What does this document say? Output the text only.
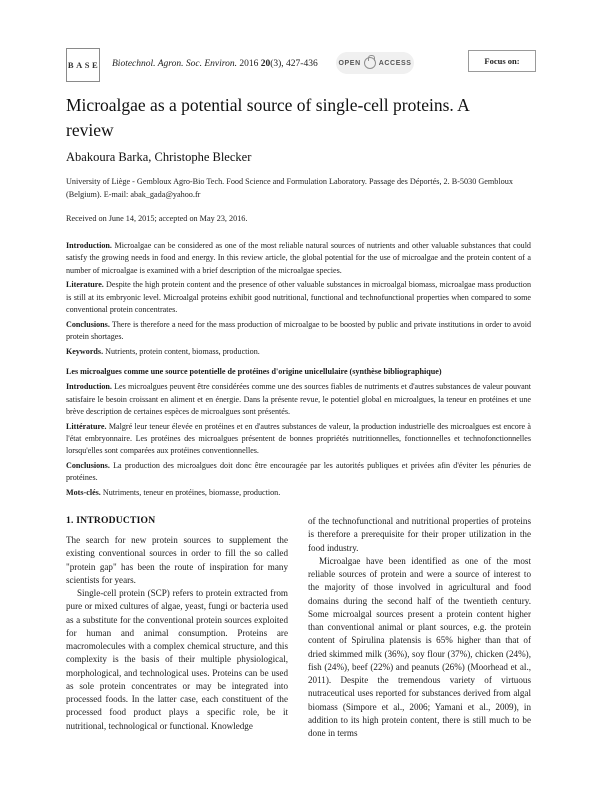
B A S E Biotechnol. Agron. Soc. Environ. 2016 20(3), 427-436	OPEN	ACCESS	Focus on:
Microalgae as a potential source of single-cell proteins. A review
Abakoura Barka, Christophe Blecker
University of Liège - Gembloux Agro-Bio Tech. Food Science and Formulation Laboratory. Passage des Déportés, 2. B-5030 Gembloux (Belgium). E-mail: abak_gada@yahoo.fr
Received on June 14, 2015; accepted on May 23, 2016.

Introduction. Microalgae can be considered as one of the most reliable natural sources of nutrients and other valuable substances that could satisfy the growing needs in food and energy. In this review article, the global potential for the use of microalgae and the protein content of a number of microalgae is examined with a brief description of the microalgae species.

Literature. Despite the high protein content and the presence of other valuable substances in microalgal biomass, microalgae mass production is still at its embryonic level. Microalgal proteins exhibit good nutritional, functional and technofunctional properties when compared to some conventional protein concentrates.

Conclusions. There is therefore a need for the mass production of microalgae to be boosted by public and private institutions in order to avoid protein shortages.

Keywords. Nutrients, protein content, biomass, production.

Les microalgues comme une source potentielle de protéines d'origine unicellulaire (synthèse bibliographique)

Introduction. Les microalgues peuvent être considérées comme une des sources fiables de nutriments et d'autres substances de valeur pouvant satisfaire le besoin croissant en aliment et en énergie. Dans la présente revue, le potentiel global en microalgues, la teneur en protéines et une brève description de certaines espèces de microalgues sont présentés.

Littérature. Malgré leur teneur élevée en protéines et en d'autres substances de valeur, la production industrielle des microalgues est encore à l'état embryonnaire. Les protéines des microalgues présentent de bonnes propriétés nutritionnelles, fonctionnelles et technofonctionnelles lorsqu'elles sont comparées aux protéines conventionnelles.

Conclusions. La production des microalgues doit donc être encouragée par les autorités publiques et privées afin d'éviter les pénuries de protéines.

Mots-clés. Nutriments, teneur en protéines, biomasse, production.

1. INTRODUCTION

The search for new protein sources to supplement the existing conventional sources in order to fill the so called "protein gap" has been the route of inspiration for many scientists for years.

Single-cell protein (SCP) refers to protein extracted from pure or mixed cultures of algae, yeast, fungi or bacteria used as a substitute for the conventional protein sources exploited for human and animal consumption. Proteins are macromolecules with a complex chemical structure, and this complexity is the basis of their multiple physiological, morphological, and technological uses. Proteins can be used as sole protein concentrates or may be integrated into processed foods. In the latter case, each constituent of the processed food product plays a specific role, be it nutritional, technological or functional. Knowledge

of the technofunctional and nutritional properties of proteins is therefore a prerequisite for their proper utilization in the food industry.

Microalgae have been identified as one of the most reliable sources of protein and were a source of interest to the majority of those involved in agricultural and food domains during the second half of the twentieth century. Some microalgal sources present a protein content higher than conventional animal or plant sources, e.g. the protein content of Spirulina platensis is 65% higher than that of dried skimmed milk (36%), soy flour (37%), chicken (24%), fish (24%), beef (22%) and peanuts (26%) (Moorhead et al., 2011). Despite the tremendous variety of virtuous nutraceutical uses reported for substances derived from algal biomass (Simpore et al., 2006; Yamani et al., 2009), in addition to its high protein content, there is still much to be done in terms
